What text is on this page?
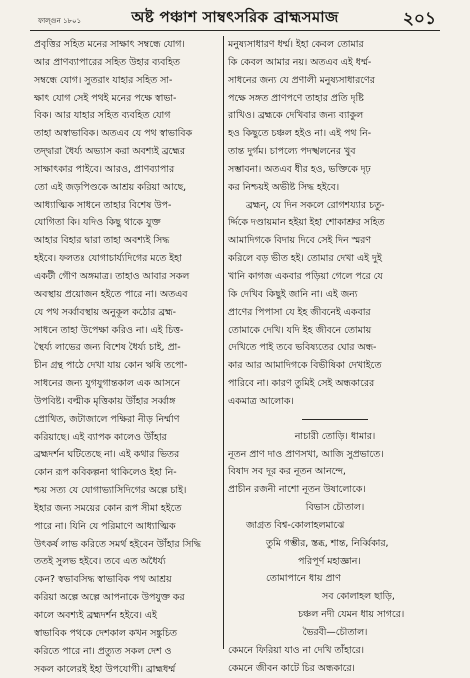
ফাল্গুন ১৮০১	অষ্ট পঞ্চাশ সাম্বৎসরিক ব্রাহ্মসমাজ	২০১
প্রবৃত্তির সহিত মনের সাক্ষাৎ সম্বন্ধে যোগ।
আর প্রাণব্যাপারের সহিত উহার ব্যবহিত
সম্বন্ধে যোগ। সুতরাং যাহার সহিত সা-
ক্ষাৎ যোগ সেই পথই মনের পক্ষে স্বাভা-
বিক। আর যাহার সহিত ব্যবহিত যোগ
তাহা অস্বাভাবিক। অতএব যে পথ স্বাভাবিক
তদ্দ্বারা ধৈর্য্য অভ্যাস করা অবশ্যই ব্রহ্মের
সাক্ষাৎকার পাইবে। আরও, প্রাণব্যাপার
তো এই জড়পিণ্ডকে আশ্রয় করিয়া আছে,
আধ্যাত্মিক সাধনে তাহার বিশেষ উপ-
যোগিতা কি। যদিও কিছু থাকে যুক্ত
আহার বিহার দ্বারা তাহা অবশ্যই সিদ্ধ
হইবে। ফলতঃ যোগাচার্য্যদিগের মতে ইহা
একটী গৌণ অঙ্গমাত্র। তাহাও আবার সকল
অবস্থায় প্রয়োজন হইতে পারে না। অতএব
যে পথ সর্ব্বাবস্থায় অনুকূল কঠোর ব্রহ্ম-
সাধনে তাহা উপেক্ষা করিও না। এই চিত্ত-
স্থৈর্য্য লাভের জন্য বিশেষ ধৈর্য্য চাই, প্রা-
চীন গ্রন্থ পাঠে দেখা যায় কোন ঋষি তপো-
সাধনের জন্য যুগযুগান্তকাল এক আসনে
উপবিষ্ট। বল্মীক মৃত্তিকায় উাঁহার সর্ব্বাঙ্গ
প্রোথিত, জটাজালে পক্ষিরা নীড় নির্ম্মাণ
করিয়াছে। এই ব্যাপক কালেও উাঁহার
ব্রহ্মদর্শন ঘটিতেছে না। এই কথার ভিতর
কোন রূপ কবিকল্পনা থাকিলেও ইহা নি-
শ্চয় সত্য যে যোগাভ্যাসিদিগের অল্পে চাই।
ইহার জন্য সময়ের কোন রূপ সীমা হইতে
পারে না। যিনি যে পরিমাণে আধ্যাত্মিক
উৎকর্ষ লাভ করিতে সমর্থ হইবেন উাঁহার সিদ্ধি
ততই সুলভ হইবে। তবে এত অধৈর্য্য
কেন? স্বভাবসিদ্ধ স্বাভাবিক পথ আশ্রয়
করিয়া অল্পে অল্পে আপনাকে উপযুক্ত কর
কালে অবশ্যই ব্রহ্মদর্শন হইবে। এই
স্বাভাবিক পথকে দেশকাল কখন সঙ্কুচিত
করিতে পারে না। প্রত্যুত সকল দেশ ও
সকল কালেরই ইহা উপযোগী। ব্রাহ্মধর্ম্ম
মনুষ্যসাধারণ ধর্ম্ম। ইহা কেবল তোমার
কি কেবল আমার নয়। অতএব এই ধর্ম্ম-
সাধনের জন্য যে প্রণালী মনুষ্যসাধারণের
পক্ষে সঙ্গত প্রাণপণে তাহার প্রতি দৃষ্টি
রাখিও। ব্রহ্মকে দেখিবার জন্য ব্যাকুল
হও কিছুতে চঞ্চল হইও না। এই পথ নি-
তান্ত দুর্গম। চাপল্যে পদস্খলনের খুব
সম্ভাবনা। অতএব ধীর হও, ভক্তিকে দৃঢ়
কর নিশ্চয়ই অভীষ্ট সিদ্ধ হইবে।
ব্রহ্মন্, যে দিন সকলে রোগশয্যার চতু-
র্দ্দিকে দণ্ডায়মান হইয়া ইহা শোকাশ্রুর সহিত
আমাদিগকে বিদায় দিবে সেই দিন স্মরণ
করিলে বড় ভীত হই। তোমার দেখা এই দুই
খানি কাগজ একবার পড়িয়া গেলে পরে যে
কি দেখিব কিছুই জানি না। এই জন্য
প্রাণের পিপাসা যে ইহ জীবনেই একবার
তোমাকে দেখি। যদি ইহ জীবনে তোমায়
দেখিতে পাই তবে ভবিষ্যতের ঘোর অন্ধ-
কার আর আমাদিগকে বিভীষিকা দেখাইতে
পারিবে না। কারণ তুমিই সেই অন্ধকারের
একমাত্র আলোক।
নাচারী তোড়ি। ধামার।
নূতন প্রাণ দাও প্রাণসখা, আজি সুপ্রভাতে।
বিষাদ সব দূর কর নূতন আনন্দে,
প্রাচীন রজনী নাশো নূতন উষালোকে।
বিভাস চৌতাল।
জাগ্রত বিশ্ব-কোলাহলমাঝে
তুমি গম্ভীর, স্তব্ধ, শান্ত, নির্ব্বিকার,
পরিপূর্ণ মহাজ্ঞান।
তোমাপানে ধায় প্রাণ
সব কোলাহল ছাড়ি,
চঞ্চল নদী যেমন ধায় সাগরে।
ভৈরবী—চৌতাল।
কেমনে ফিরিয়া যাও না দেখি তাঁহারে।
কেমনে জীবন কাটে চির অন্ধকারে।
